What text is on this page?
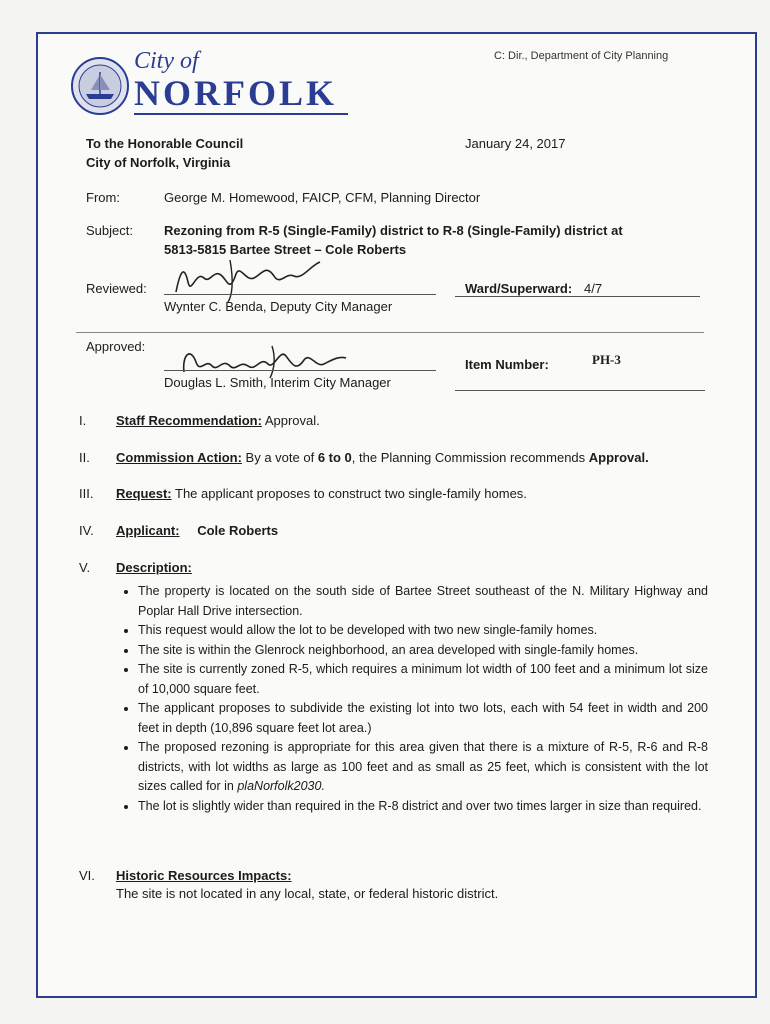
C: Dir., Department of City Planning
City of
NORFOLK
To the Honorable Council
City of Norfolk, Virginia
January 24, 2017
From:	George M. Homewood, FAICP, CFM, Planning Director
Subject: Rezoning from R-5 (Single-Family) district to R-8 (Single-Family) district at
5813-5815 Bartee Street – Cole Roberts
Reviewed:
Wynter C. Benda, Deputy City Manager
Ward/Superward: 4/7
Approved:
Douglas L. Smith, Interim City Manager
Item Number:	PH-3
I. Staff Recommendation: Approval.
II. Commission Action: By a vote of 6 to 0, the Planning Commission recommends Approval.
III. Request: The applicant proposes to construct two single-family homes.
IV. Applicant: Cole Roberts
V. Description:
• The property is located on the south side of Bartee Street southeast of the N. Military Highway and Poplar Hall Drive intersection.
• This request would allow the lot to be developed with two new single-family homes.
• The site is within the Glenrock neighborhood, an area developed with single-family homes.
• The site is currently zoned R-5, which requires a minimum lot width of 100 feet and a minimum lot size of 10,000 square feet.
• The applicant proposes to subdivide the existing lot into two lots, each with 54 feet in width and 200 feet in depth (10,896 square feet lot area.)
• The proposed rezoning is appropriate for this area given that there is a mixture of R-5, R-6 and R-8 districts, with lot widths as large as 100 feet and as small as 25 feet, which is consistent with the lot sizes called for in plaNorfolk2030.
• The lot is slightly wider than required in the R-8 district and over two times larger in size than required.
VI. Historic Resources Impacts:
The site is not located in any local, state, or federal historic district.
